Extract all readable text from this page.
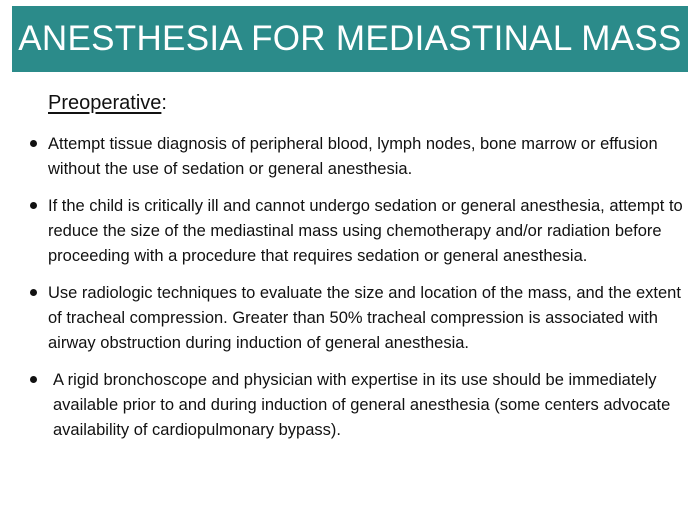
ANESTHESIA FOR MEDIASTINAL MASS
Preoperative:
Attempt tissue diagnosis of peripheral blood, lymph nodes, bone marrow or effusion without the use of sedation or general anesthesia.
If the child is critically ill and cannot undergo sedation or general anesthesia, attempt to reduce the size of the mediastinal mass using chemotherapy and/or radiation before proceeding with a procedure that requires sedation or general anesthesia.
Use radiologic techniques to evaluate the size and location of the mass, and the extent of tracheal compression. Greater than 50% tracheal compression is associated with airway obstruction during induction of general anesthesia.
A rigid bronchoscope and physician with expertise in its use should be immediately available prior to and during induction of general anesthesia (some centers advocate availability of cardiopulmonary bypass).
